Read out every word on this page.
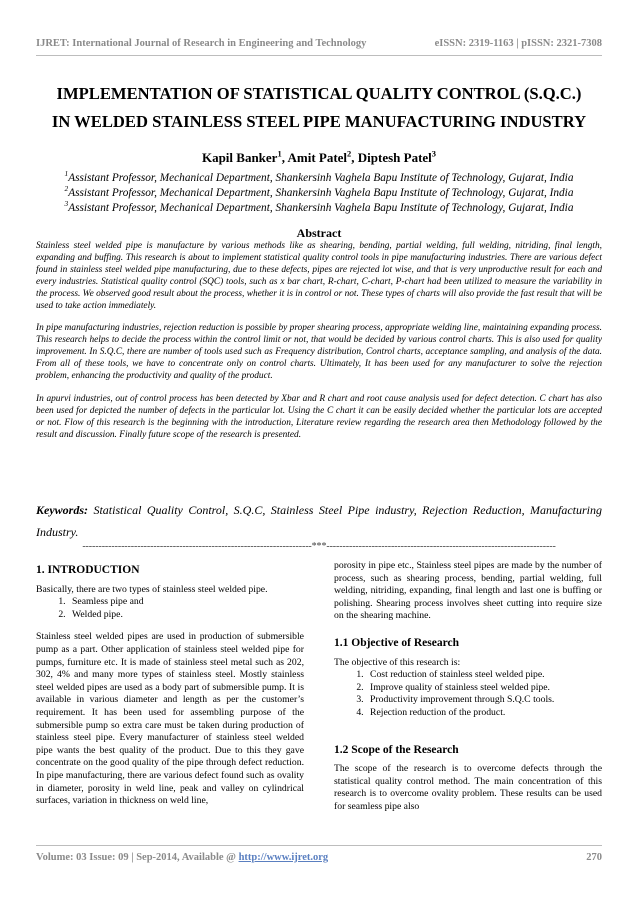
IJRET: International Journal of Research in Engineering and Technology	eISSN: 2319-1163 | pISSN: 2321-7308
IMPLEMENTATION OF STATISTICAL QUALITY CONTROL (S.Q.C.)
IN WELDED STAINLESS STEEL PIPE MANUFACTURING INDUSTRY
Kapil Banker$^1$, Amit Patel$^2$, Diptesh Patel$^3$
$^1$Assistant Professor, Mechanical Department, Shankersinh Vaghela Bapu Institute of Technology, Gujarat, India
$^2$Assistant Professor, Mechanical Department, Shankersinh Vaghela Bapu Institute of Technology, Gujarat, India
$^3$Assistant Professor, Mechanical Department, Shankersinh Vaghela Bapu Institute of Technology, Gujarat, India
Abstract

Stainless steel welded pipe is manufacture by various methods like as shearing, bending, partial welding, full welding, nitriding, final length, expanding and buffing. This research is about to implement statistical quality control tools in pipe manufacturing industries. There are various defect found in stainless steel welded pipe manufacturing, due to these defects, pipes are rejected lot wise, and that is very unproductive result for each and every industries. Statistical quality control (SQC) tools, such as x bar chart, R-chart, C-chart, P-chart had been utilized to measure the variability in the process. We observed good result about the process, whether it is in control or not. These types of charts will also provide the fast result that will be used to take action immediately.

In pipe manufacturing industries, rejection reduction is possible by proper shearing process, appropriate welding line, maintaining expanding process. This research helps to decide the process within the control limit or not, that would be decided by various control charts. This is also used for quality improvement. In S.Q.C, there are number of tools used such as Frequency distribution, Control charts, acceptance sampling, and analysis of the data. From all of these tools, we have to concentrate only on control charts. Ultimately, It has been used for any manufacturer to solve the rejection problem, enhancing the productivity and quality of the product.

In apurvi industries, out of control process has been detected by Xbar and R chart and root cause analysis used for defect detection. C chart has also been used for depicted the number of defects in the particular lot. Using the C chart it can be easily decided whether the particular lots are accepted or not. Flow of this research is the beginning with the introduction, Literature review regarding the research area then Methodology followed by the result and discussion. Finally future scope of the research is presented.

Keywords: Statistical Quality Control, S.Q.C, Stainless Steel Pipe industry, Rejection Reduction, Manufacturing Industry.
-----------------------------------------------------------------------***-----------------------------------------------------------------------
1. INTRODUCTION

Basically, there are two types of stainless steel welded pipe.

1. Seamless pipe and
2. Welded pipe.

Stainless steel welded pipes are used in production of submersible pump as a part. Other application of stainless steel welded pipe for pumps, furniture etc. It is made of stainless steel metal such as 202, 302, 4% and many more types of stainless steel. Mostly stainless steel welded pipes are used as a body part of submersible pump. It is available in various diameter and length as per the customer’s requirement. It has been used for assembling purpose of the submersible pump so extra care must be taken during production of stainless steel pipe. Every manufacturer of stainless steel welded pipe wants the best quality of the product. Due to this they gave concentrate on the good quality of the pipe through defect reduction. In pipe manufacturing, there are various defect found such as ovality in diameter, porosity in weld line, peak and valley on cylindrical surfaces, variation in thickness on weld line,

porosity in pipe etc., Stainless steel pipes are made by the number of process, such as shearing process, bending, partial welding, full welding, nitriding, expanding, final length and last one is buffing or polishing. Shearing process involves sheet cutting into require size on the shearing machine.

1.1 Objective of Research

The objective of this research is:

1. Cost reduction of stainless steel welded pipe.
2. Improve quality of stainless steel welded pipe.
3. Productivity improvement through S.Q.C tools.
4. Rejection reduction of the product.
1.2 Scope of the Research

The scope of the research is to overcome defects through the statistical quality control method. The main concentration of this research is to overcome ovality problem. These results can be used for seamless pipe also

Volume: 03 Issue: 09 | Sep-2014, Available @ http://www.ijret.org	270
